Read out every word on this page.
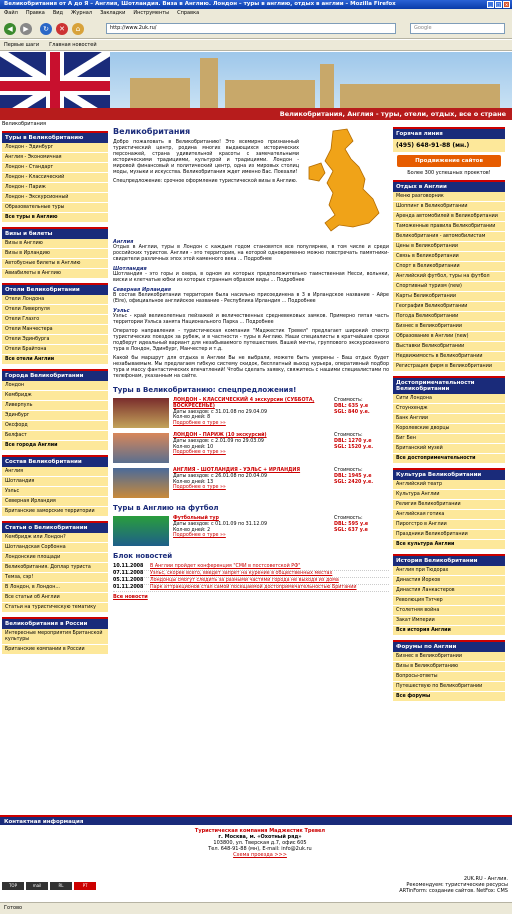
Великобритания от А до Я – Англия, Шотландия. Виза в Англию. Лондон – туры в англию, отдых в англии – Mozilla Firefox	_	□	×
Файл Правка Вид Журнал Закладки Инструменты Справка
◀	▶	↻	✕	⌂	http://www.2uk.ru/	Google
Первые шаги Главная новостей
Великобритания, Англия - туры, отели, отдых, все о стране
Великобритания
Туры в Великобританию
Лондон - Эдинбург
Англия - Экономичная
Лондон - Стандарт
Лондон - Классический
Лондон - Париж
Лондон - Экскурсионный
Образовательные туры
Все туры в Англию
Визы и билеты
Визы в Англию
Визы в Ирландию
Автобусные билеты в Англию
Авиабилеты в Англию
Отели Великобритании
Отели Лондона
Отели Ливерпуля
Отели Глазго
Отели Манчестера
Отели Эдинбурга
Отели Брайтона
Все отели Англии
Города Великобритании
Лондон
Кембридж
Ливерпуль
Эдинбург
Оксфорд
Белфаст
Все города Англии
Состав Великобритании
Англия
Шотландия
Уэльс
Северная Ирландия
Британские заморские территории
Статьи о Великобритании
Кембридж или Лондон?
Шотландская Сорбонна
Лондонские площади
Великобритания. Доплар туриста
Темза, сэр!
В Лондон, в Лондон...
Все статьи об Англии
Статьи на туристическую тематику
Великобритания в России
Интересные мероприятия Британской культуры
Британские компании в России
Великобритания

Добро пожаловать в Великобританию! Это всемирно признанный туристический центр, родина многих выдающихся исторических персонажей, страна удивительной красоты с замечательными историческими традициями, культурой и традициями. Лондон - мировой финансовый и политический центр, одна из мировых столиц моды, музыки и искусства. Великобритания ждет именно Вас. Поехали!

Спецпредложение: срочное оформление туристической визы в Англию.

Англия

Отдых в Англии, туры в Лондон с каждым годом становятся все популярнее, в том числе и среди российских туристов. Англия - это территория, на которой одновременно можно повстречать памятники-свидетели различных эпох этой каменного века ... Подробнее

Шотландия

Шотландия - это горы и озера, в одном из которых предположительно таинственная Несси, вольнки, виски и клетчатые юбки из которых странным образом виды ... Подробнее

Северная Ирландия

В состав Великобритании территория была насильно присоединена в 3 в Ирландское название - Айре (Eire), официальное английское название - Республика Ирландия ... Подробнее

Уэльс

Уэльс - край великолепных пейзажей и величественных средневековых замков. Примерно пятая часть территории Уэльса занята Национального Парка ... Подробнее

Оператор направления - туристическая компания "Маджестик Тревел" предлагает широкий спектр туристических поездок за рубеж, и в частности - туры в Англию. Наши специалисты в кратчайшие сроки подберут идеальный вариант для незабываемого путешествия. Вашей мечты, группового экскурсионного тура в Лондон, Эдинбург, Манчестер и т.д.

Какой бы маршрут для отдыха в Англии Вы не выбрали, можете быть уверены - Ваш отдых будет незабываемым. Мы предлагаем гибкую систему скидок, бесплатный выход курьера, оперативный подбор тура и массу фантастических впечатлений! Чтобы сделать заявку, свяжитесь с нашими специалистами по телефонам, указанным на сайте.

Туры в Великобританию: спецпредложения!
ЛОНДОН - КЛАССИЧЕСКИЙ 4 экскурсии (СУББОТА, ВОСКРЕСЕНЬЕ)
Даты заездов: с 31.01.08 по 29.04.09
Кол-во дней: 8
Подробнее о туре »»
Стоимость:
DBL: 635 у.е
SGL: 840 у.е.
ЛОНДОН - ПАРИЖ (10 экскурсий)
Даты заездов: с 2.01.09 по 29.03.09
Кол-во дней: 10
Подробнее о туре »»
Стоимость:
DBL: 1270 у.е
SGL: 1520 у.е.
АНГЛИЯ - ШОТЛАНДИЯ - УЭЛЬС + ИРЛАНДИЯ
Даты заездов: с 26.01.08 по 20.04.09
Кол-во дней: 13
Подробнее о туре »»
Стоимость:
DBL: 1945 у.е
SGL: 2420 у.е.
Туры в Англию на футбол
Футбольный тур
Даты заездов: с 01.01.09 по 31.12.09
Кол-во дней: 2
Подробнее о туре »»
Стоимость:
DBL: 595 у.е
SGL: 637 у.е
Блок новостей
10.11.2008	В Англии пройдет конференция "СМИ в постсоветской РФ"
07.11.2008	Уэльс, скорее всего, введет запрет на курение в общественных местах
05.11.2008	Лондонцы смогут следить за разными частями города не выходя из дома
01.11.2008	Парк аттракционов стал самой посещаемой достопримечательностью Британии
Все новости
Горячая линия
(495) 648-91-88 (мн.)
Продвижение сайтов
Более 300 успешных проектов!
Отдых в Англии
Меню разговорник
Шоппинг в Великобритании
Аренда автомобилей в Великобритании
Таможенные правила Великобритании
Великобритания - автомобилистам
Цены в Великобритании
Связь в Великобритании
Спорт в Великобритании
Английский футбол, туры на футбол
Спортивный туризм (new)
Карты Великобритании
География Великобритании
Погода Великобритании
Бизнес в Великобритании
Образование в Англии (new)
Выставки Великобритании
Недвижимость в Великобритании
Регистрация фирм в Великобритании
Достопримечательности Великобритании
Сити Лондона
Стоунхендж
Банк Англии
Королевские дворцы
Биг Бен
Британский музей
Все достопримечательности
Культура Великобритании
Английский театр
Культура Англии
Религия Великобритании
Английская готика
Пирогстро в Англии
Праздники Великобритании
Все культура Англии
История Великобритании
Англия при Тюдорах
Династия Йорков
Династия Ланкастеров
Революция Тэтчер
Столетняя война
Закат Империи
Вся история Англии
Форумы по Англии
Бизнес в Великобритании
Визы в Великобританию
Вопросы-ответы
Путешествую по Великобритании
Все форумы
Контактная информация
TOP	mail	RL	PT
Туристическая компания Маджестик Тревел
г. Москва, м. «Охотный ряд»
103800, ул. Тверская д.7, офис 605
Тел. 648-91-88 (мн), E-mail: info@2uk.ru
Схема проезда >>>
2UK.RU - Англия.
Рекомендуем: туристические ресурсы
ARTinForm: создание сайтов. NetFox: CMS
Готово
